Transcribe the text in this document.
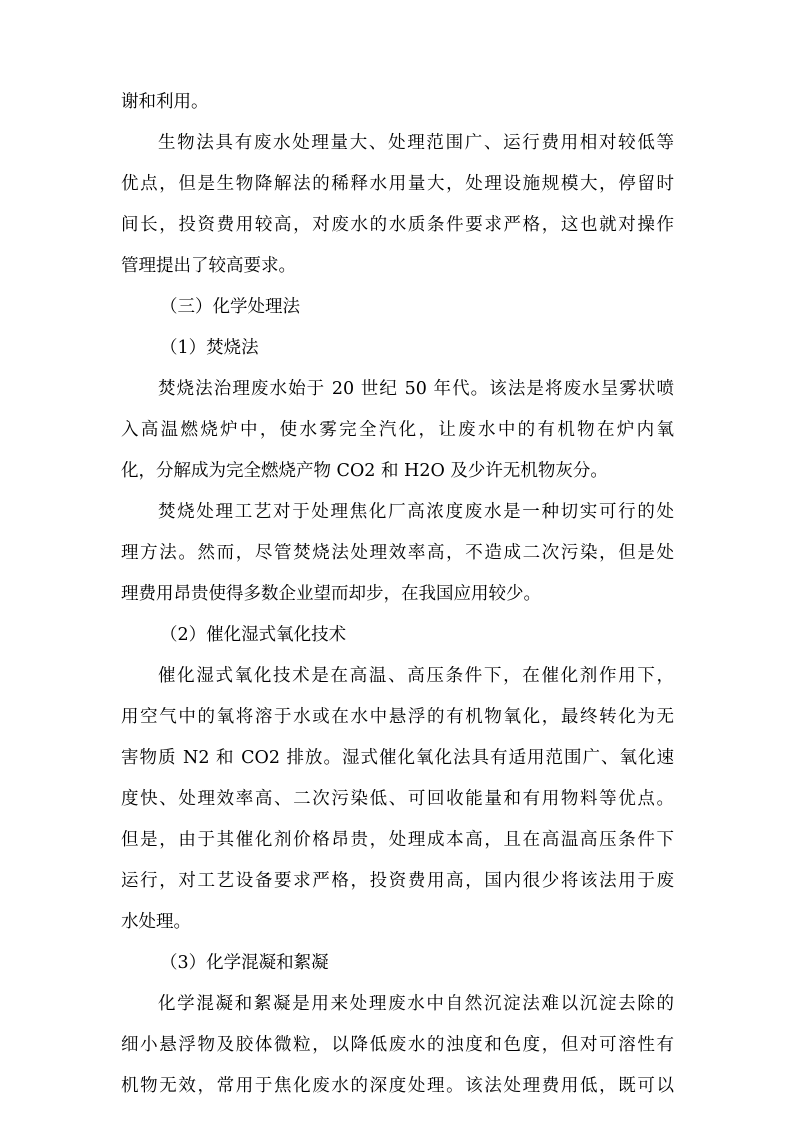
谢和利用。
生物法具有废水处理量大、处理范围广、运行费用相对较低等
优点，但是生物降解法的稀释水用量大，处理设施规模大，停留时
间长，投资费用较高，对废水的水质条件要求严格，这也就对操作
管理提出了较高要求。
（三）化学处理法
（1）焚烧法
焚烧法治理废水始于 20 世纪 50 年代。该法是将废水呈雾状喷
入高温燃烧炉中，使水雾完全汽化，让废水中的有机物在炉内氧
化，分解成为完全燃烧产物 CO2 和 H2O 及少许无机物灰分。
焚烧处理工艺对于处理焦化厂高浓度废水是一种切实可行的处
理方法。然而，尽管焚烧法处理效率高，不造成二次污染，但是处
理费用昂贵使得多数企业望而却步，在我国应用较少。
（2）催化湿式氧化技术
催化湿式氧化技术是在高温、高压条件下，在催化剂作用下，
用空气中的氧将溶于水或在水中悬浮的有机物氧化，最终转化为无
害物质 N2 和 CO2 排放。湿式催化氧化法具有适用范围广、氧化速
度快、处理效率高、二次污染低、可回收能量和有用物料等优点。
但是，由于其催化剂价格昂贵，处理成本高，且在高温高压条件下
运行，对工艺设备要求严格，投资费用高，国内很少将该法用于废
水处理。
（3）化学混凝和絮凝
化学混凝和絮凝是用来处理废水中自然沉淀法难以沉淀去除的
细小悬浮物及胶体微粒，以降低废水的浊度和色度，但对可溶性有
机物无效，常用于焦化废水的深度处理。该法处理费用低，既可以
